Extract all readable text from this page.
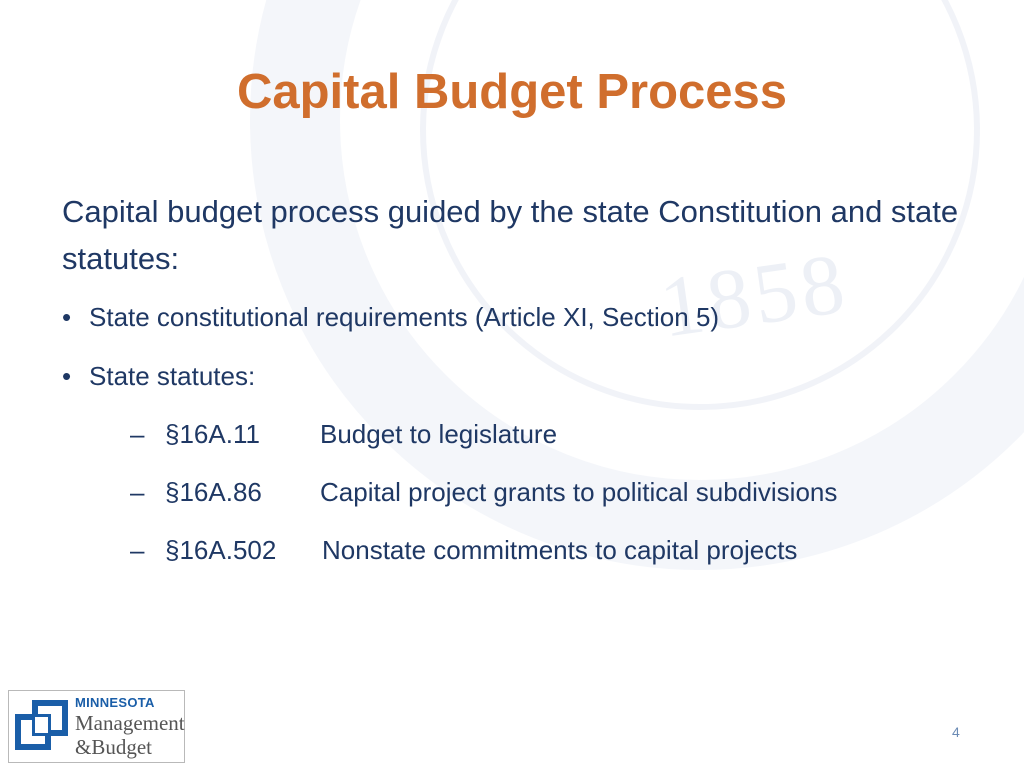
1858
Capital Budget Process
Capital budget process guided by the state Constitution and state statutes:
• State constitutional requirements (Article XI, Section 5)
• State statutes:
– §16A.11 Budget to legislature
– §16A.86 Capital project grants to political subdivisions
– §16A.502 Nonstate commitments to capital projects
MINNESOTA
Management
&Budget
4
